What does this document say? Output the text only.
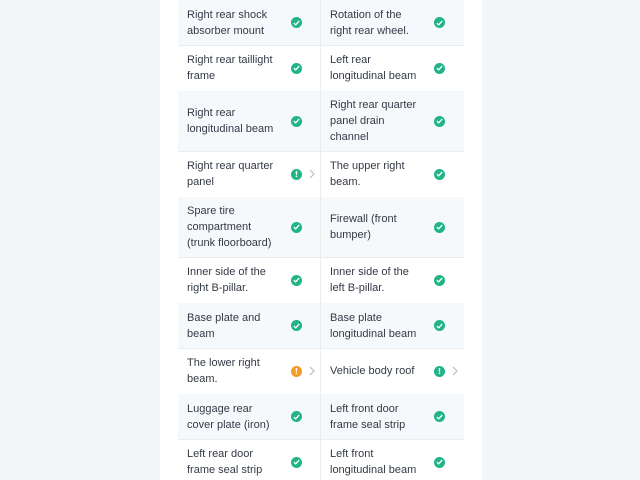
Right rear shock
absorber mount
Rotation of the
right rear wheel.
Right rear taillight
frame
Left rear
longitudinal beam
Right rear
longitudinal beam
Right rear quarter
panel drain
channel
Right rear quarter
panel
!
The upper right
beam.
Spare tire
compartment
(trunk floorboard)
Firewall (front
bumper)
Inner side of the
right B-pillar.
Inner side of the
left B-pillar.
Base plate and
beam
Base plate
longitudinal beam
The lower right
beam.
!	Vehicle body roof	!
Luggage rear
cover plate (iron)
Left front door
frame seal strip
Left rear door
frame seal strip
Left front
longitudinal beam
